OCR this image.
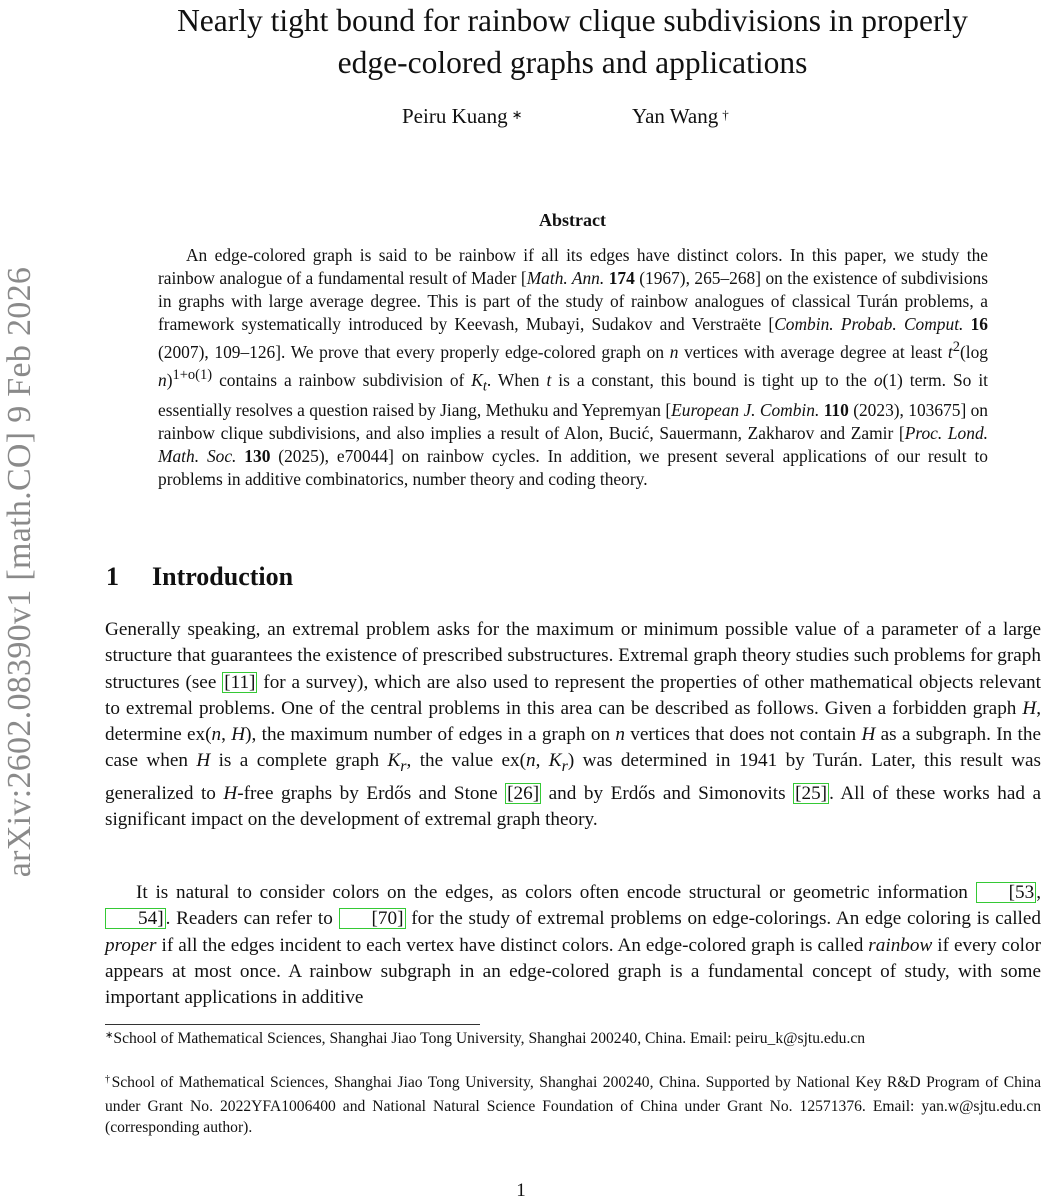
arXiv:2602.08390v1 [math.CO] 9 Feb 2026
Nearly tight bound for rainbow clique subdivisions in properly
edge-colored graphs and applications
Peiru Kuang ∗	Yan Wang †
Abstract

An edge-colored graph is said to be rainbow if all its edges have distinct colors. In this paper, we study the rainbow analogue of a fundamental result of Mader [Math. Ann. 174 (1967), 265–268] on the existence of subdivisions in graphs with large average degree. This is part of the study of rainbow analogues of classical Turán problems, a framework systematically introduced by Keevash, Mubayi, Sudakov and Verstraëte [Combin. Probab. Comput. 16 (2007), 109–126]. We prove that every properly edge-colored graph on n vertices with average degree at least $t^2(\log$ n)$^{1+o(1)}$ contains a rainbow subdivision of $K_t$. When t is a constant, this bound is tight up to the o(1) term. So it essentially resolves a question raised by Jiang, Methuku and Yepremyan [European J. Combin. 110 (2023), 103675] on rainbow clique subdivisions, and also implies a result of Alon, Bucić, Sauermann, Zakharov and Zamir [Proc. Lond. Math. Soc. 130 (2025), e70044] on rainbow cycles. In addition, we present several applications of our result to problems in additive combinatorics, number theory and coding theory.

1 Introduction

Generally speaking, an extremal problem asks for the maximum or minimum possible value of a parameter of a large structure that guarantees the existence of prescribed substructures. Extremal graph theory studies such problems for graph structures (see [11] for a survey), which are also used to represent the properties of other mathematical objects relevant to extremal problems. One of the central problems in this area can be described as follows. Given a forbidden graph H, determine ex(n, H), the maximum number of edges in a graph on n vertices that does not contain H as a subgraph. In the case when H is a complete graph $K_r$, the value ex(n, $K_r$) was determined in 1941 by Turán. Later, this result was generalized to H-free graphs by Erdős and Stone [26] and by Erdős and Simonovits [25] . All of these works had a significant impact on the development of extremal graph theory.

It is natural to consider colors on the edges, as colors often encode structural or geometric information [53 , 54] . Readers can refer to [70] for the study of extremal problems on edge-colorings. An edge coloring is called proper if all the edges incident to each vertex have distinct colors. An edge-colored graph is called rainbow if every color appears at most once. A rainbow subgraph in an edge-colored graph is a fundamental concept of study, with some important applications in additive

∗School of Mathematical Sciences, Shanghai Jiao Tong University, Shanghai 200240, China. Email: peiru_k@sjtu.edu.cn

†School of Mathematical Sciences, Shanghai Jiao Tong University, Shanghai 200240, China. Supported by National Key R&D Program of China under Grant No. 2022YFA1006400 and National Natural Science Foundation of China under Grant No. 12571376. Email: yan.w@sjtu.edu.cn (corresponding author).

1
